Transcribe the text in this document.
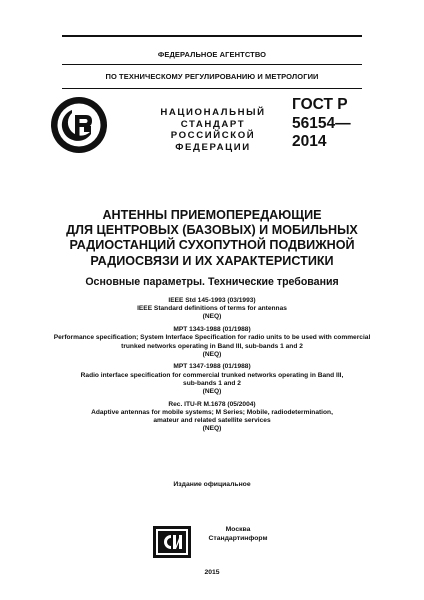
ФЕДЕРАЛЬНОЕ АГЕНТСТВО
ПО ТЕХНИЧЕСКОМУ РЕГУЛИРОВАНИЮ И МЕТРОЛОГИИ
НАЦИОНАЛЬНЫЙ
СТАНДАРТ
РОССИЙСКОЙ
ФЕДЕРАЦИИ
ГОСТ Р
56154—
2014
АНТЕННЫ ПРИЕМОПЕРЕДАЮЩИЕ
ДЛЯ ЦЕНТРОВЫХ (БАЗОВЫХ) И МОБИЛЬНЫХ
РАДИОСТАНЦИЙ СУХОПУТНОЙ ПОДВИЖНОЙ
РАДИОСВЯЗИ И ИХ ХАРАКТЕРИСТИКИ
Основные параметры. Технические требования
IEEE Std 145-1993 (03/1993)
IEEE Standard definitions of terms for antennas
(NEQ)
MPT 1343-1988 (01/1988)
Performance specification; System Interface Specification for radio units to be used with commercial
trunked networks operating in Band III, sub-bands 1 and 2
(NEQ)
MPT 1347-1988 (01/1988)
Radio interface specification for commercial trunked networks operating in Band III,
sub-bands 1 and 2
(NEQ)
Rec. ITU-R M.1678 (05/2004)
Adaptive antennas for mobile systems; M Series; Mobile, radiodetermination,
amateur and related satellite services
(NEQ)
Издание официальное
Москва
Стандартинформ
2015
